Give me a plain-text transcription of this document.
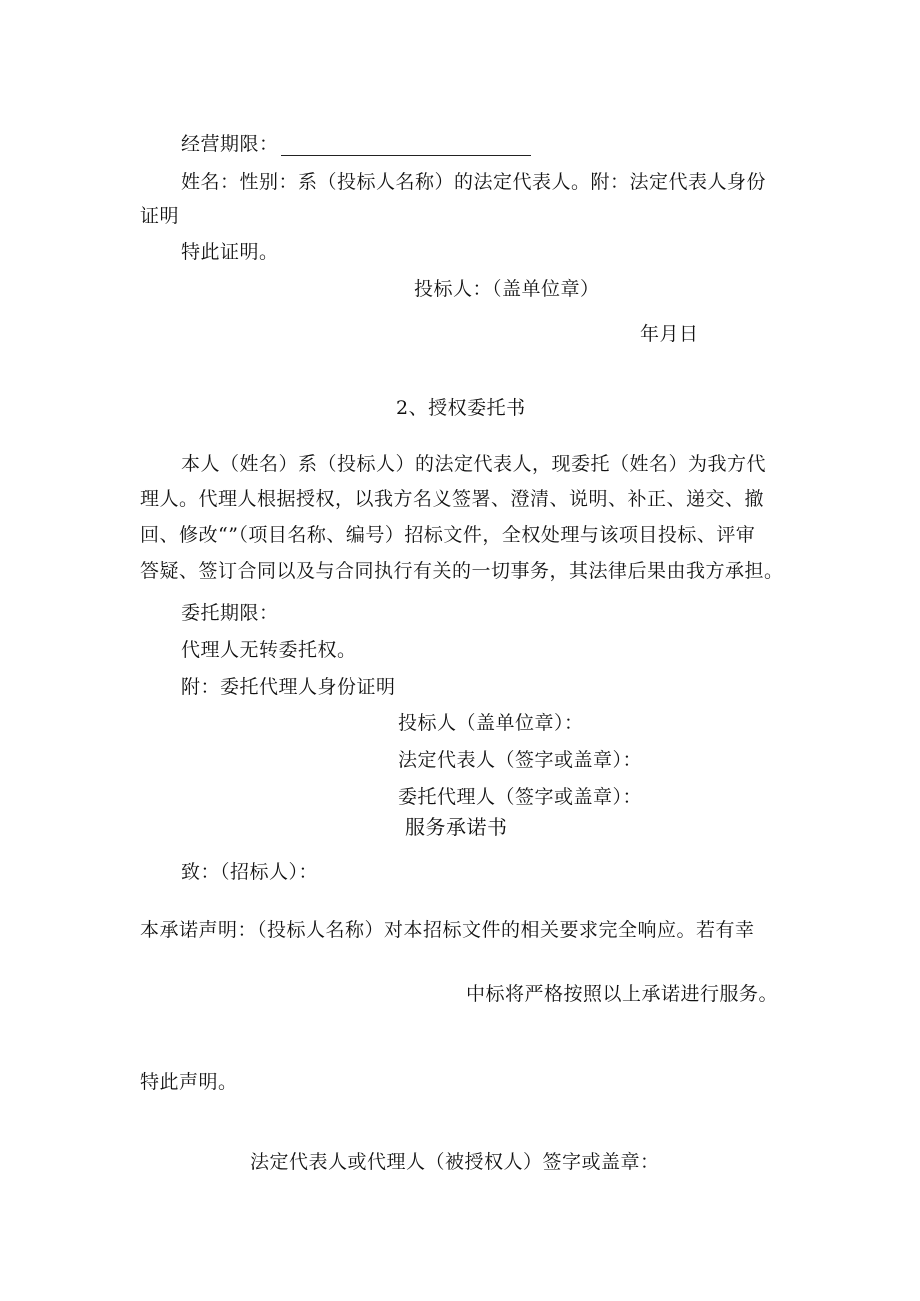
经营期限：
姓名：性别：系（投标人名称）的法定代表人。附：法定代表人身份
证明
特此证明。
投标人：（盖单位章）
年月日
2、授权委托书
本人（姓名）系（投标人）的法定代表人，现委托（姓名）为我方代
理人。代理人根据授权，以我方名义签署、澄清、说明、补正、递交、撤
回、修改“”（项目名称、编号）招标文件，全权处理与该项目投标、评审
答疑、签订合同以及与合同执行有关的一切事务，其法律后果由我方承担。
委托期限：
代理人无转委托权。
附：委托代理人身份证明
投标人（盖单位章）：
法定代表人（签字或盖章）：
委托代理人（签字或盖章）：
服务承诺书
致：（招标人）：
本承诺声明：（投标人名称）对本招标文件的相关要求完全响应。若有幸
中标将严格按照以上承诺进行服务。
特此声明。
法定代表人或代理人（被授权人）签字或盖章：
